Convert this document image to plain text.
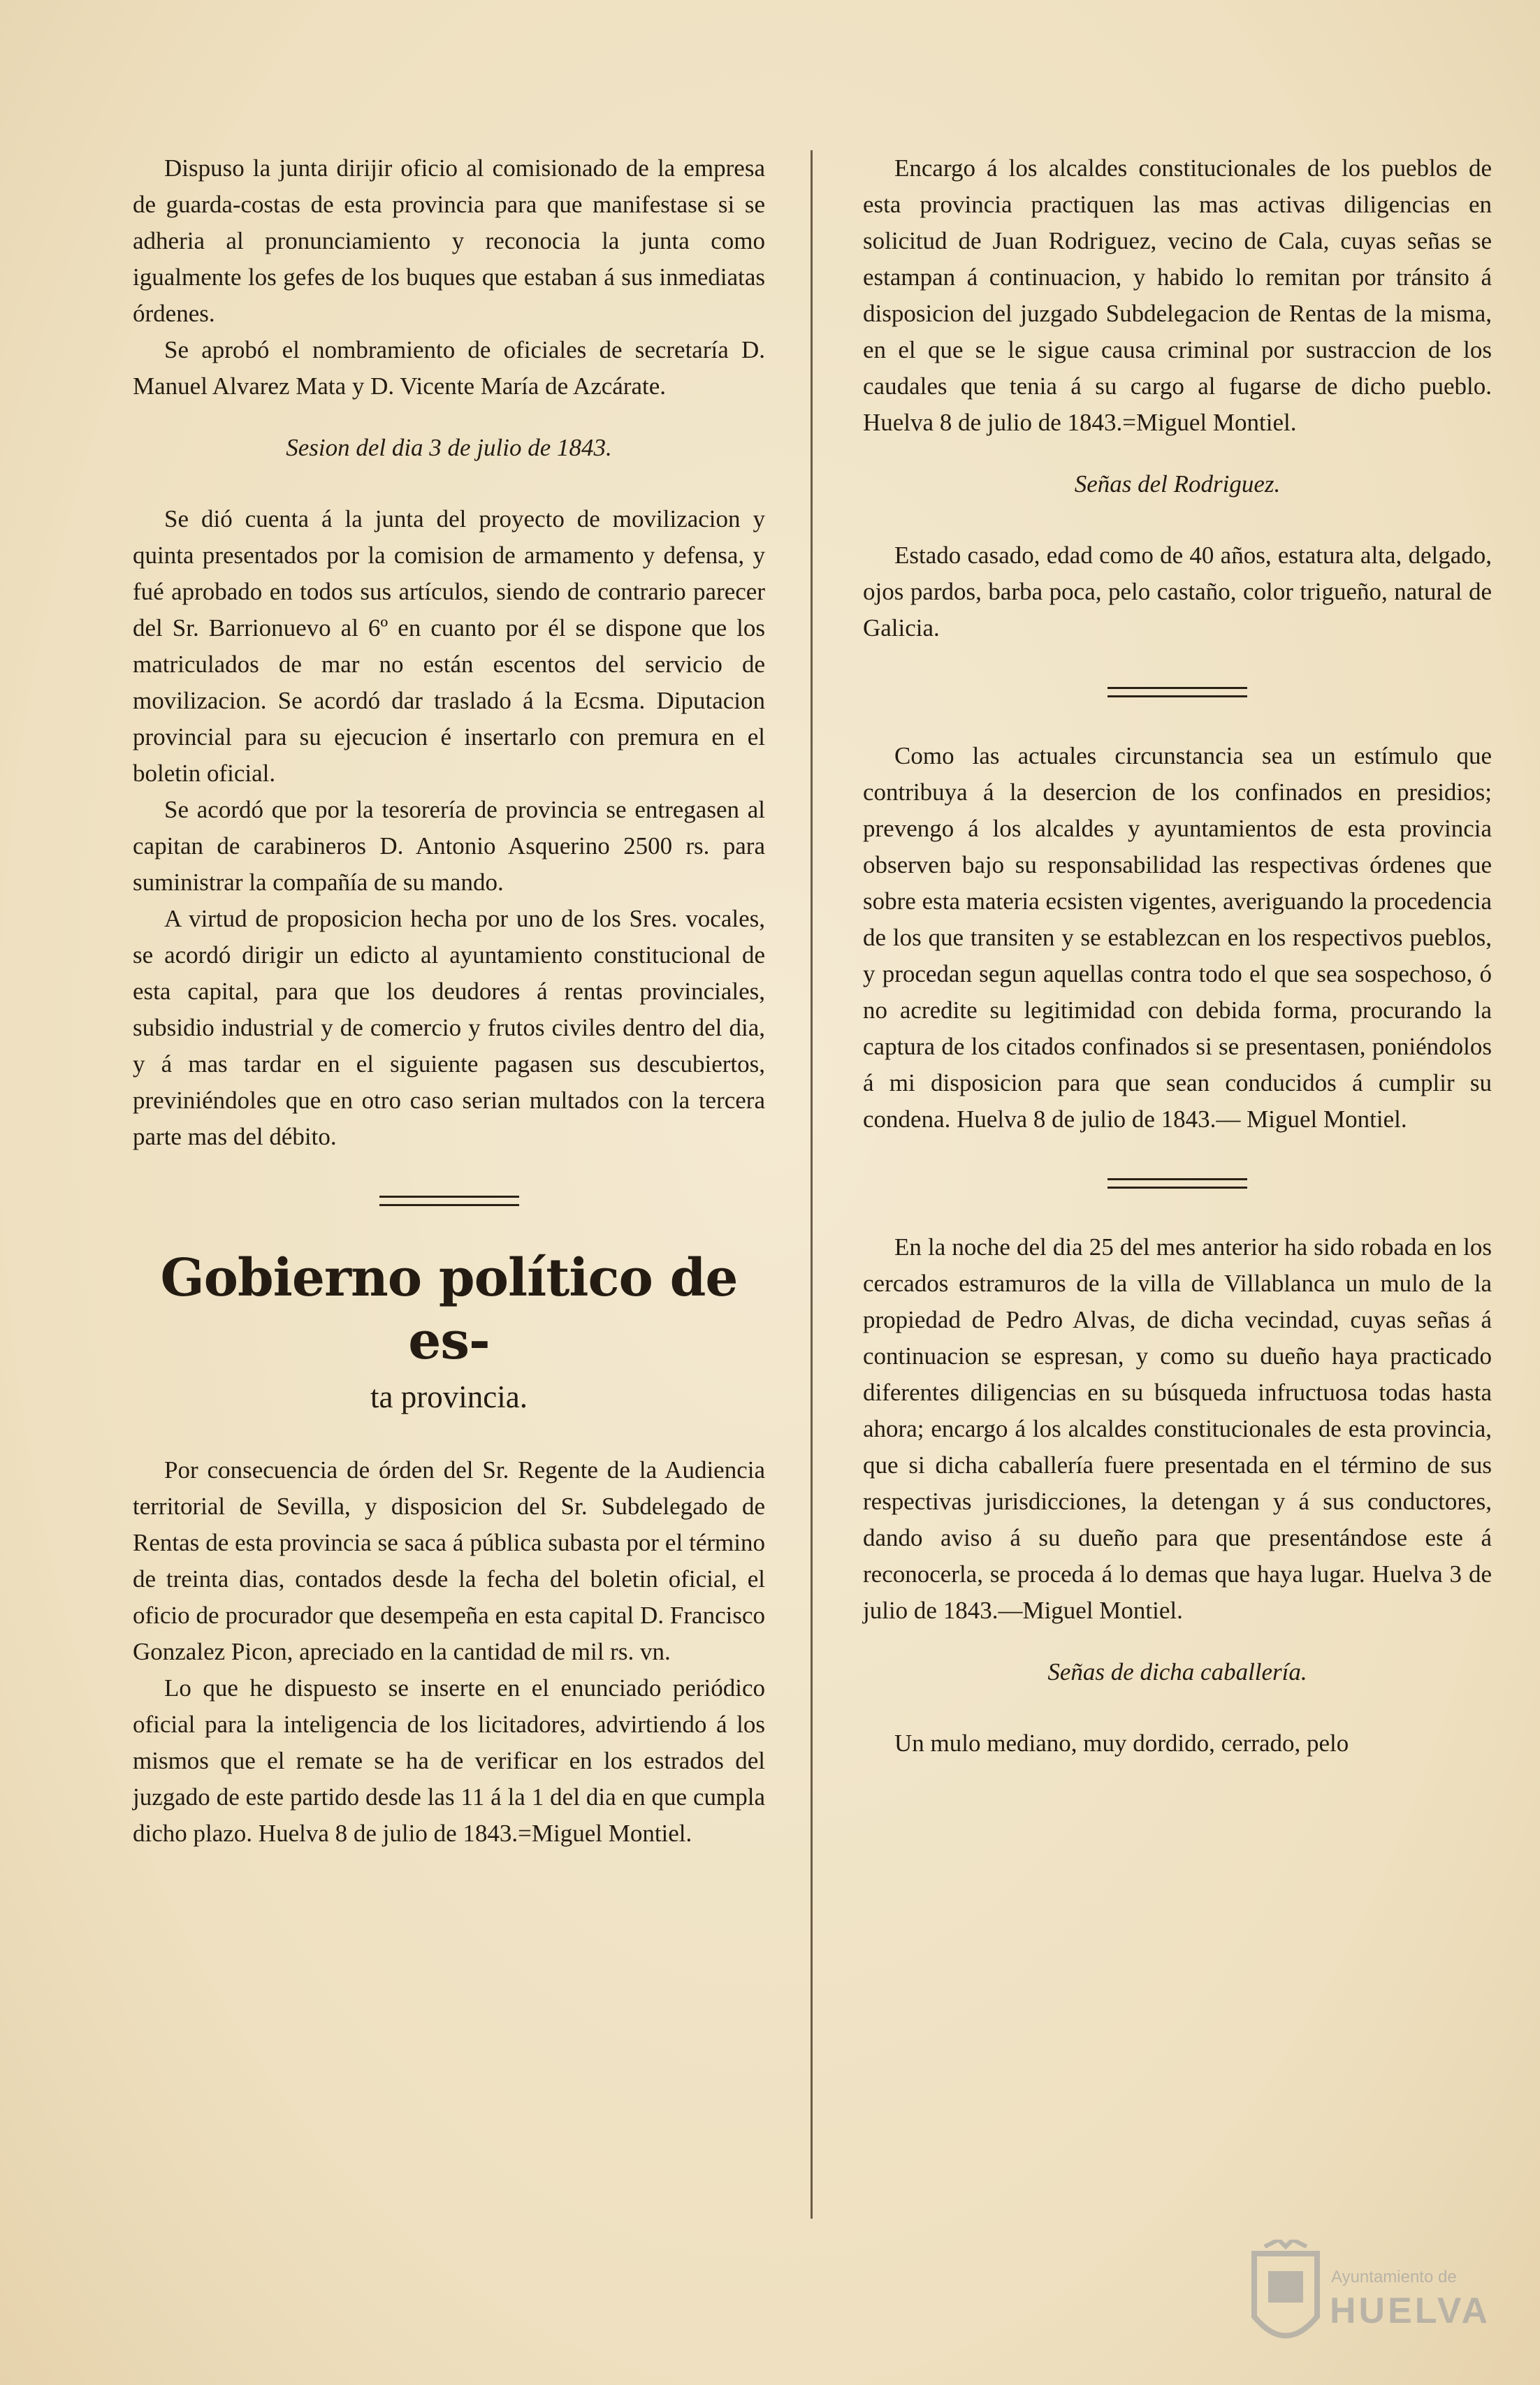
Dispuso la junta dirijir oficio al comisionado de la empresa de guarda-costas de esta provincia para que manifestase si se adheria al pronunciamiento y reconocia la junta como igualmente los gefes de los buques que estaban á sus inmediatas órdenes.

Se aprobó el nombramiento de oficiales de secretaría D. Manuel Alvarez Mata y D. Vicente María de Azcárate.

Sesion del dia 3 de julio de 1843.

Se dió cuenta á la junta del proyecto de movilizacion y quinta presentados por la comision de armamento y defensa, y fué aprobado en todos sus artículos, siendo de contrario parecer del Sr. Barrionuevo al 6º en cuanto por él se dispone que los matriculados de mar no están escentos del servicio de movilizacion. Se acordó dar traslado á la Ecsma. Diputacion provincial para su ejecucion é insertarlo con premura en el boletin oficial.

Se acordó que por la tesorería de provincia se entregasen al capitan de carabineros D. Antonio Asquerino 2500 rs. para suministrar la compañía de su mando.

A virtud de proposicion hecha por uno de los Sres. vocales, se acordó dirigir un edicto al ayuntamiento constitucional de esta capital, para que los deudores á rentas provinciales, subsidio industrial y de comercio y frutos civiles dentro del dia, y á mas tardar en el siguiente pagasen sus descubiertos, previniéndoles que en otro caso serian multados con la tercera parte mas del débito.

Gobierno político de es-
ta provincia.

Por consecuencia de órden del Sr. Regente de la Audiencia territorial de Sevilla, y disposicion del Sr. Subdelegado de Rentas de esta provincia se saca á pública subasta por el término de treinta dias, contados desde la fecha del boletin oficial, el oficio de procurador que desempeña en esta capital D. Francisco Gonzalez Picon, apreciado en la cantidad de mil rs. vn.

Lo que he dispuesto se inserte en el enunciado periódico oficial para la inteligencia de los licitadores, advirtiendo á los mismos que el remate se ha de verificar en los estrados del juzgado de este partido desde las 11 á la 1 del dia en que cumpla dicho plazo. Huelva 8 de julio de 1843.=Miguel Montiel.

Encargo á los alcaldes constitucionales de los pueblos de esta provincia practiquen las mas activas diligencias en solicitud de Juan Rodriguez, vecino de Cala, cuyas señas se estampan á continuacion, y habido lo remitan por tránsito á disposicion del juzgado Subdelegacion de Rentas de la misma, en el que se le sigue causa criminal por sustraccion de los caudales que tenia á su cargo al fugarse de dicho pueblo. Huelva 8 de julio de 1843.=Miguel Montiel.

Señas del Rodriguez.

Estado casado, edad como de 40 años, estatura alta, delgado, ojos pardos, barba poca, pelo castaño, color trigueño, natural de Galicia.

Como las actuales circunstancia sea un estímulo que contribuya á la desercion de los confinados en presidios; prevengo á los alcaldes y ayuntamientos de esta provincia observen bajo su responsabilidad las respectivas órdenes que sobre esta materia ecsisten vigentes, averiguando la procedencia de los que transiten y se establezcan en los respectivos pueblos, y procedan segun aquellas contra todo el que sea sospechoso, ó no acredite su legitimidad con debida forma, procurando la captura de los citados confinados si se presentasen, poniéndolos á mi disposicion para que sean conducidos á cumplir su condena. Huelva 8 de julio de 1843.— Miguel Montiel.

En la noche del dia 25 del mes anterior ha sido robada en los cercados estramuros de la villa de Villablanca un mulo de la propiedad de Pedro Alvas, de dicha vecindad, cuyas señas á continuacion se espresan, y como su dueño haya practicado diferentes diligencias en su búsqueda infructuosa todas hasta ahora; encargo á los alcaldes constitucionales de esta provincia, que si dicha caballería fuere presentada en el término de sus respectivas jurisdicciones, la detengan y á sus conductores, dando aviso á su dueño para que presentándose este á reconocerla, se proceda á lo demas que haya lugar. Huelva 3 de julio de 1843.—Miguel Montiel.

Señas de dicha caballería.

Un mulo mediano, muy dordido, cerrado, pelo

Ayuntamiento de
HUELVA
